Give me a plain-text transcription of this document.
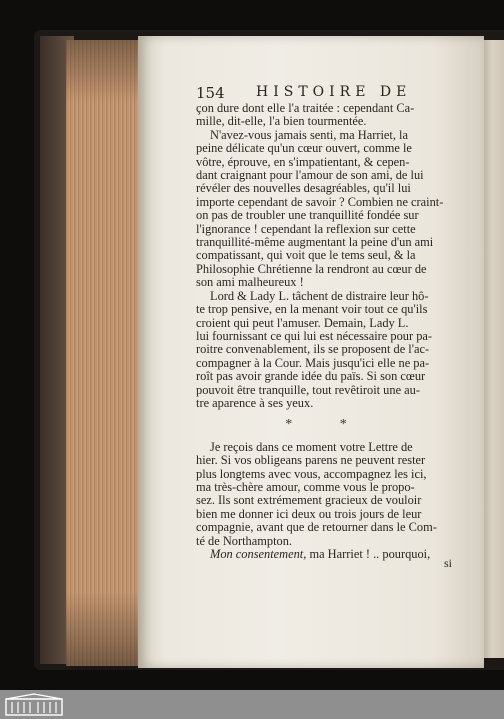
154 HISTOIRE DE

çon dure dont elle l'a traitée : cependant Ca-

mille, dit-elle, l'a bien tourmentée.

N'avez-vous jamais senti, ma Harriet, la

peine délicate qu'un cœur ouvert, comme le

vôtre, éprouve, en s'impatientant, & cepen-

dant craignant pour l'amour de son ami, de lui

révéler des nouvelles desagréables, qu'il lui

importe cependant de savoir ? Combien ne craint-

on pas de troubler une tranquillité fondée sur

l'ignorance ! cependant la reflexion sur cette

tranquillité-même augmentant la peine d'un ami

compatissant, qui voit que le tems seul, & la

Philosophie Chrétienne la rendront au cœur de

son ami malheureux !

Lord & Lady L. tâchent de distraire leur hô-

te trop pensive, en la menant voir tout ce qu'ils

croient qui peut l'amuser. Demain, Lady L.

lui fournissant ce qui lui est nécessaire pour pa-

roitre convenablement, ils se proposent de l'ac-

compagner à la Cour. Mais jusqu'ici elle ne pa-

roît pas avoir grande idée du païs. Si son cœur

pouvoit être tranquille, tout revêtiroit une au-

tre aparence à ses yeux.

* *

Je reçois dans ce moment votre Lettre de

hier. Si vos obligeans parens ne peuvent rester

plus longtems avec vous, accompagnez les ici,

ma très-chère amour, comme vous le propo-

sez. Ils sont extrémement gracieux de vouloir

bien me donner ici deux ou trois jours de leur

compagnie, avant que de retourner dans le Com-

té de Northampton.

Mon consentement, ma Harriet ! .. pourquoi,

si
